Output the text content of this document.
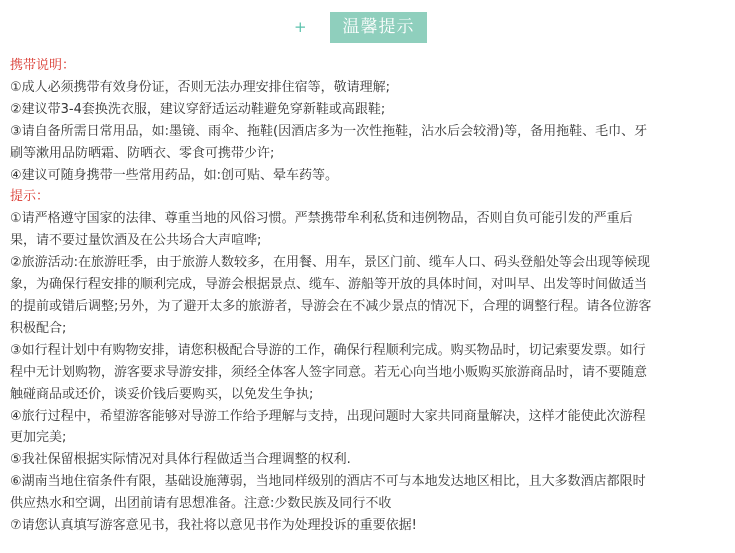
+	温馨提示
携带说明：
①成人必须携带有效身份证，否则无法办理安排住宿等，敬请理解;
②建议带3-4套换洗衣服，建议穿舒适运动鞋避免穿新鞋或高跟鞋;
③请自备所需日常用品，如:墨镜、雨伞、拖鞋(因酒店多为一次性拖鞋，沾水后会较滑)等，备用拖鞋、毛巾、牙
刷等漱用品防晒霜、防晒衣、零食可携带少许;
④建议可随身携带一些常用药品，如:创可贴、晕车药等。
提示：
①请严格遵守国家的法律、尊重当地的风俗习惯。严禁携带牟利私货和违例物品，否则自负可能引发的严重后
果，请不要过量饮酒及在公共场合大声喧哗;
②旅游活动:在旅游旺季，由于旅游人数较多，在用餐、用车，景区门前、缆车人口、码头登船处等会出现等候现
象，为确保行程安排的顺利完成，导游会根据景点、缆车、游船等开放的具体时间，对叫早、出发等时间做适当
的提前或错后调整;另外，为了避开太多的旅游者，导游会在不减少景点的情况下，合理的调整行程。请各位游客
积极配合;
③如行程计划中有购物安排，请您积极配合导游的工作，确保行程顺利完成。购买物品时，切记索要发票。如行
程中无计划购物，游客要求导游安排，须经全体客人签字同意。若无心向当地小贩购买旅游商品时，请不要随意
触碰商品或还价，谈妥价钱后要购买，以免发生争执;
④旅行过程中，希望游客能够对导游工作给予理解与支持，出现问题时大家共同商量解决，这样才能使此次游程
更加完美;
⑤我社保留根据实际情况对具体行程做适当合理调整的权利.
⑥湖南当地住宿条件有限，基础设施薄弱，当地同样级别的酒店不可与本地发达地区相比，且大多数酒店都限时
供应热水和空调，出团前请有思想准备。注意:少数民族及同行不收
⑦请您认真填写游客意见书，我社将以意见书作为处理投诉的重要依据!
